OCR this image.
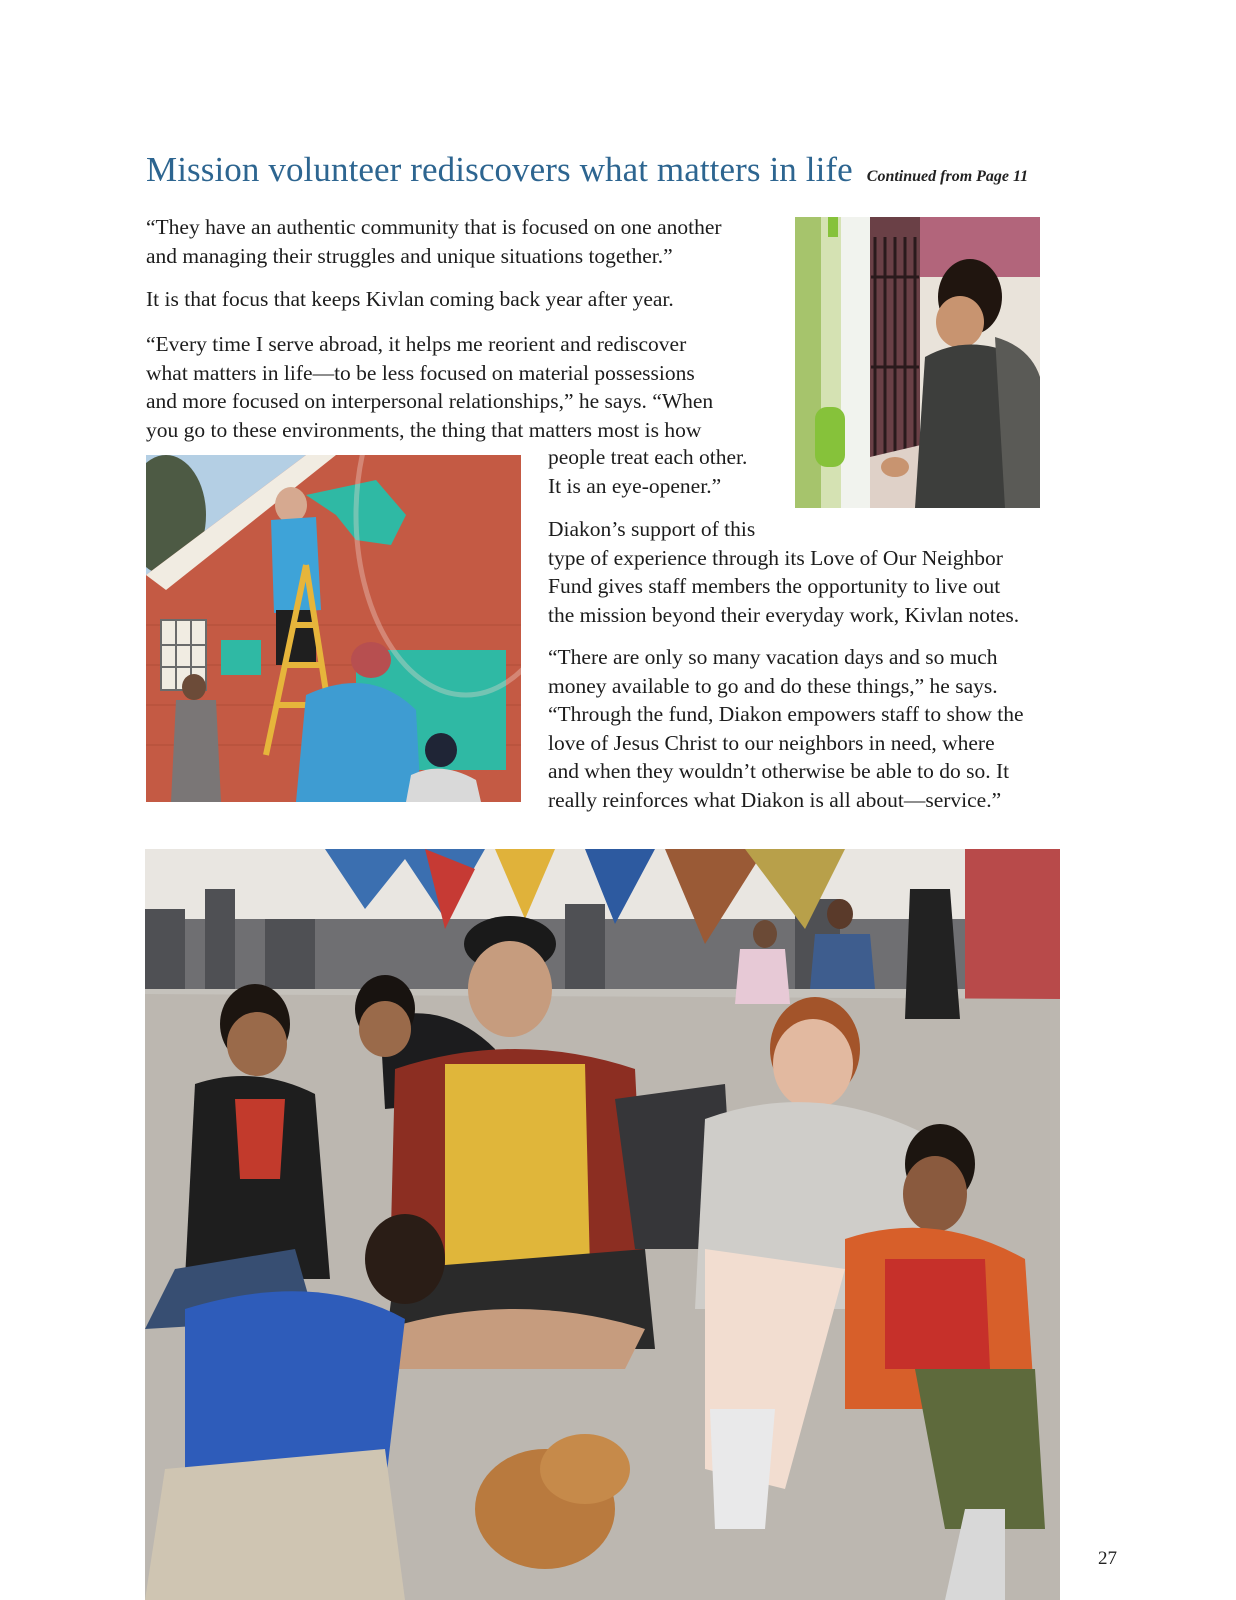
Mission volunteer rediscovers what matters in life Continued from Page 11

“They have an authentic community that is focused on one another
and managing their struggles and unique situations together.”

It is that focus that keeps Kivlan coming back year after year.

“Every time I serve abroad, it helps me reorient and rediscover
what matters in life—to be less focused on material possessions
and more focused on interpersonal relationships,” he says. “When
you go to these environments, the thing that matters most is how

people treat each other.
It is an eye-opener.”

Diakon’s support of this
type of experience through its Love of Our Neighbor
Fund gives staff members the opportunity to live out
the mission beyond their everyday work, Kivlan notes.

“There are only so many vacation days and so much
money available to go and do these things,” he says.
“Through the fund, Diakon empowers staff to show the
love of Jesus Christ to our neighbors in need, where
and when they wouldn’t otherwise be able to do so. It
really reinforces what Diakon is all about—service.”

27
